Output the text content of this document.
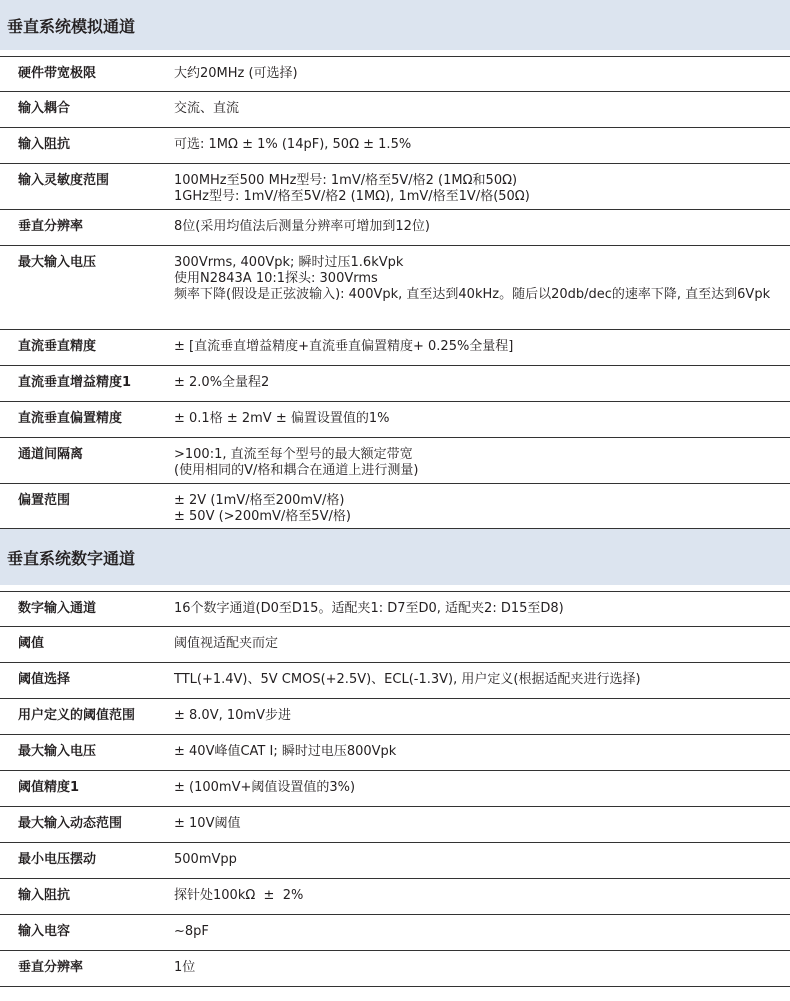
垂直系统模拟通道
硬件带宽极限	大约20MHz (可选择)
输入耦合	交流、直流
输入阻抗	可选: 1MΩ ± 1% (14pF), 50Ω ± 1.5%
输入灵敏度范围	100MHz至500 MHz型号: 1mV/格至5V/格2 (1MΩ和50Ω)
1GHz型号: 1mV/格至5V/格2 (1MΩ), 1mV/格至1V/格(50Ω)
垂直分辨率	8位(采用均值法后测量分辨率可增加到12位)
最大输入电压	300Vrms, 400Vpk; 瞬时过压1.6kVpk
使用N2843A 10:1探头: 300Vrms
频率下降(假设是正弦波输入): 400Vpk, 直至达到40kHz。随后以20db/dec的速率下降, 直至达到6Vpk
直流垂直精度	± [直流垂直增益精度+直流垂直偏置精度+ 0.25%全量程]
直流垂直增益精度1	± 2.0%全量程2
直流垂直偏置精度	± 0.1格 ± 2mV ± 偏置设置值的1%
通道间隔离	>100:1, 直流至每个型号的最大额定带宽
(使用相同的V/格和耦合在通道上进行测量)
偏置范围	± 2V (1mV/格至200mV/格)
± 50V (>200mV/格至5V/格)
垂直系统数字通道
数字输入通道	16个数字通道(D0至D15。适配夹1: D7至D0, 适配夹2: D15至D8)
阈值	阈值视适配夹而定
阈值选择	TTL(+1.4V)、5V CMOS(+2.5V)、ECL(‐1.3V), 用户定义(根据适配夹进行选择)
用户定义的阈值范围	± 8.0V, 10mV步进
最大输入电压	± 40V峰值CAT I; 瞬时过电压800Vpk
阈值精度1	± (100mV+阈值设置值的3%)
最大输入动态范围	± 10V阈值
最小电压摆动	500mVpp
输入阻抗	探针处100kΩ  ±  2%
输入电容	~8pF
垂直分辨率	1位
